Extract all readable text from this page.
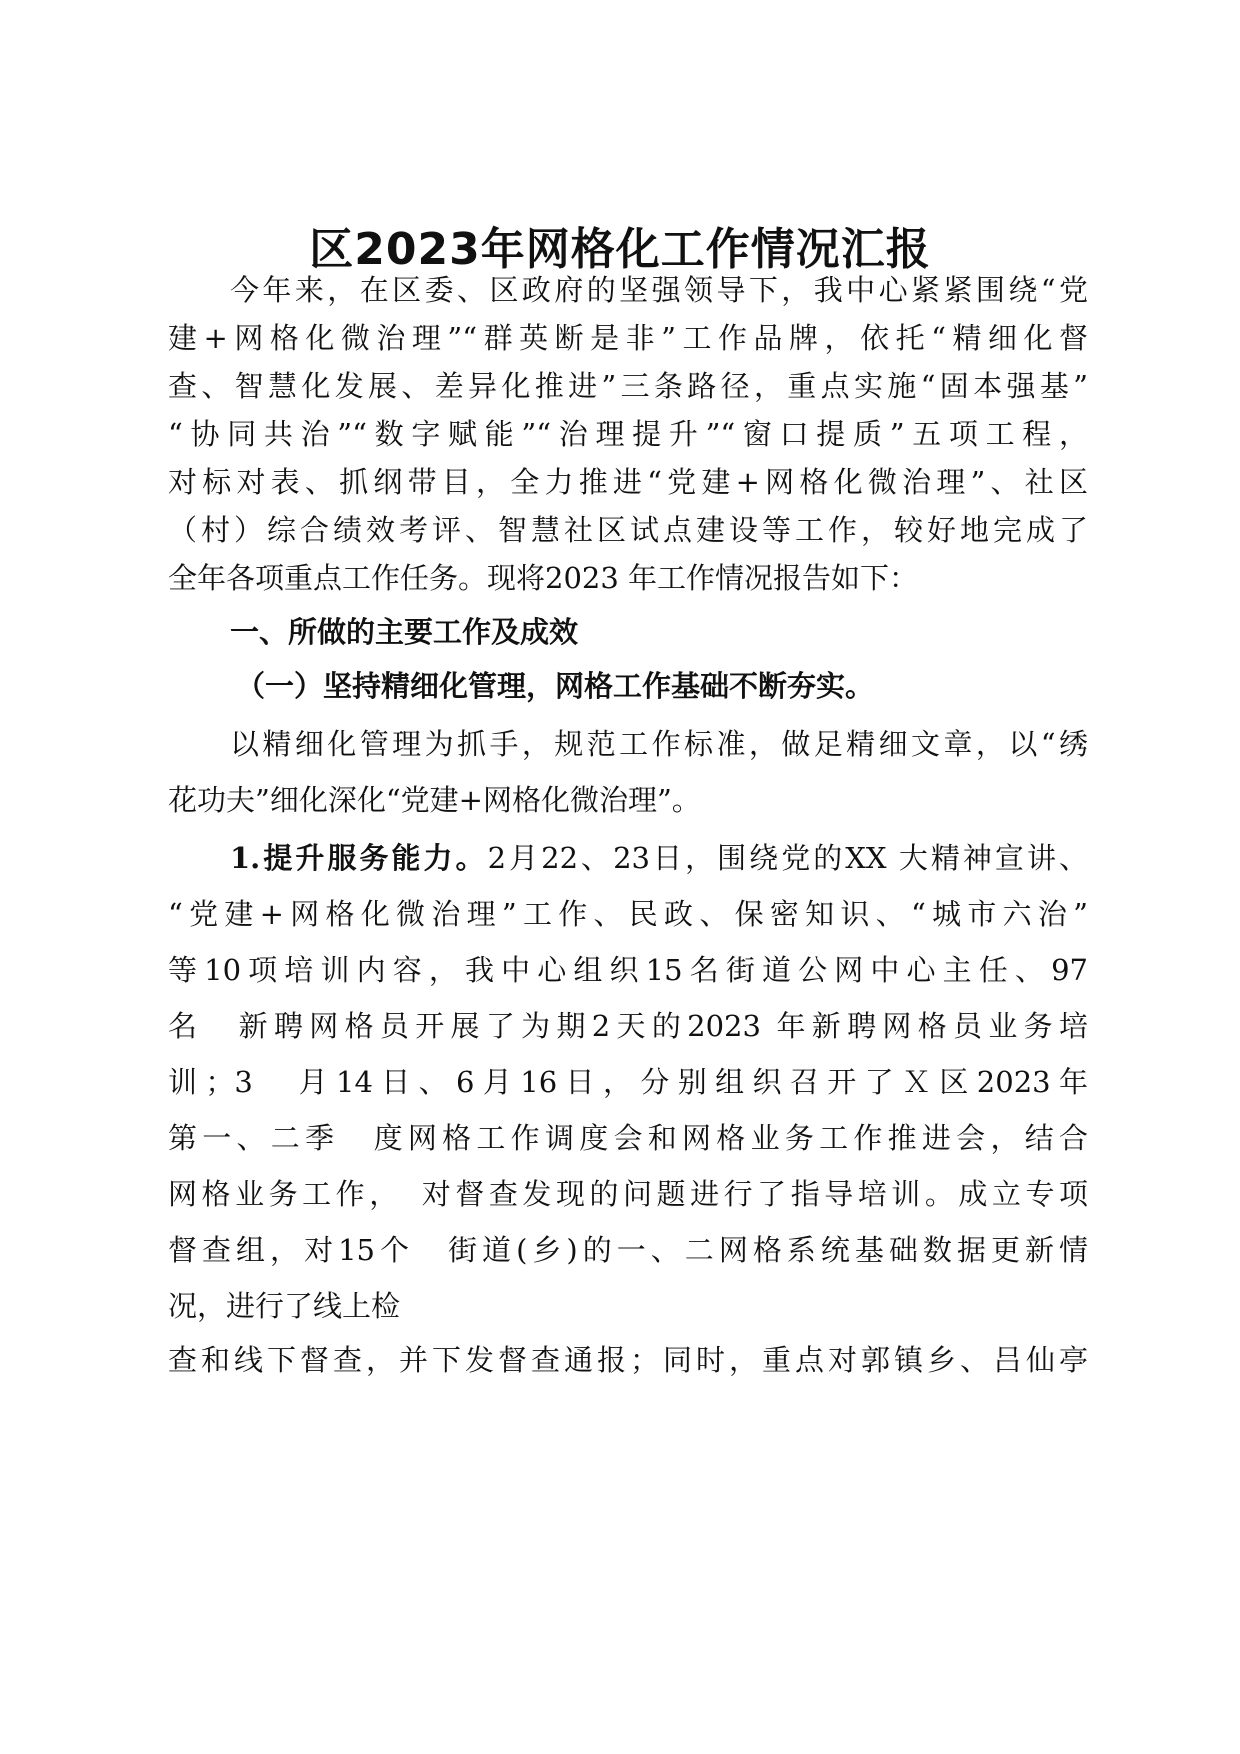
区2023年网格化工作情况汇报
今年来，在区委、区政府的坚强领导下，我中心紧紧围绕“党
建+网格化微治理”“群英断是非”工作品牌，依托“精细化督
查、智慧化发展、差异化推进”三条路径，重点实施“固本强基”
“协同共治”“数字赋能”“治理提升”“窗口提质”五项工程，
对标对表、抓纲带目，全力推进“党建+网格化微治理”、社区
（村）综合绩效考评、智慧社区试点建设等工作，较好地完成了
全年各项重点工作任务。现将2023 年工作情况报告如下：
一、所做的主要工作及成效
（一）坚持精细化管理，网格工作基础不断夯实。
以精细化管理为抓手，规范工作标准，做足精细文章，以“绣
花功夫”细化深化“党建+网格化微治理”。
1.提升服务能力。2月22、23日，围绕党的XX 大精神宣讲、
“党建+网格化微治理”工作、民政、保密知识、“城市六治”
等10项培训内容，我中心组织15名街道公网中心主任、97
名　新聘网格员开展了为期2天的2023 年新聘网格员业务培
训；3　月14日、6月16日，分别组织召开了Ｘ区2023年
第一、二季　度网格工作调度会和网格业务工作推进会，结合
网格业务工作，　对督查发现的问题进行了指导培训。成立专项
督查组，对15个　街道(乡)的一、二网格系统基础数据更新情
况，进行了线上检
查和线下督查，并下发督查通报；同时，重点对郭镇乡、吕仙亭
